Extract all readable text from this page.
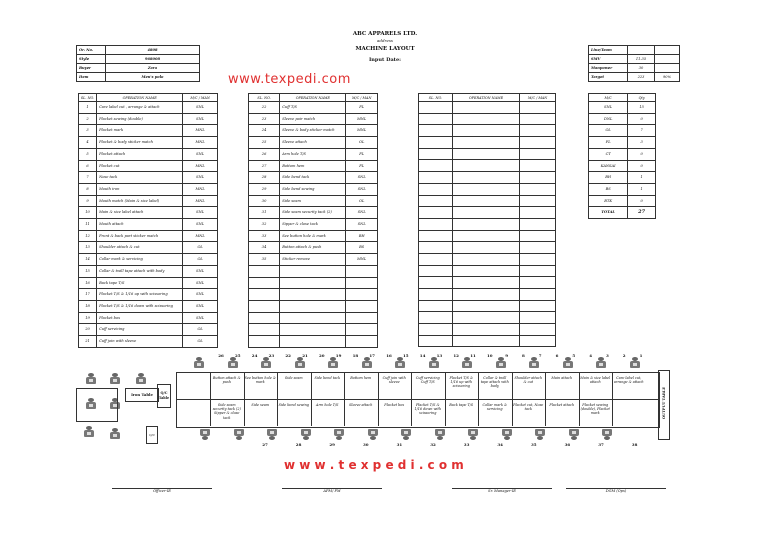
ABC APPARELS LTD.
address
MACHINE LAYOUT
Input Date:
www.texpedi.com
Or. No.	4808
Style	968008
Buyer	Zara
Item	Men's polo
Line/Team		
SMV	11.35	
Manpower	30	
Target	223	90%
SL. NO.	OPERATION NAME	M/C / MAN
1	Care label cut , arrange & attach	SNL
2	Placket sewing (double)	SNL
3	Placket mark	MNL
4	Placket & body sticker match	MNL
5	Placket attach	SNL
6	Placket cut	MNL
7	Nose tack	SNL
8	Mouth iron	MNL
9	Mouth match (Main & size label)	MNL
10	Main & size label attach	SNL
11	Mouth attach	SNL
12	Front & back part sticker match	MNL
13	Shoulder attach & cut	OL
14	Collar mark & servicing	OL
15	Collar & twill tape attach with body	SNL
16	Back tape T/S	SNL
17	Placket T/S & 1/16 up with scissoring	SNL
18	Placket T/S & 1/16 down with scissoring	SNL
19	Placket box	SNL
20	Cuff servicing	OL
21	Cuff join with sleeve	OL
SL. NO.	OPERATION NAME	M/C / MAN
22	Cuff T/S	FL
23	Sleeve pair match	MNL
24	Sleeve & body sticker match	MNL
25	Sleeve attach	OL
26	Arm hole T/S	FL
27	Bottom hem	FL
28	Side bend tack	SNL
29	Side bend sewing	SNL
30	Side seam	OL
31	Side seam security tack (2)	SNL
32	Sipper & close tack	SNL
33	See button hole & mark	BH
34	Button attach & push	BS
35	Sticker remove	MNL

SL. NO.	OPERATION NAME	M/C / MAN

			M/C	Qty
SNL	15
DNL	0
OL	7
FL	3
CT	0
KANSAI	0
BH	1
BS	1
BTK	0
TOTAL	27
Button attach & push
See button hole & mark
Side seam	Side bend tack	Bottom hem	Cuff join with sleeve
Cuff servicing Cuff T/S
Placket T/S & 1/16 up with scissoring
Collar & twill tape attach with body
Shoulder attach & cut
Main attach	Main & size label attach
Care label cut, arrange & attach
Side seam security tack (2) Sipper & close tack
Side seam	Side bend sewing	Arm hole T/S	Sleeve attach	Placket box	Placket T/S & 1/16 down with scissoring
Back tape T/S	Collar mark & servicing
Placket cut, Nose tack
Placket attach	Placket sewing (double), Placket mark
26	25	24	23	22	21	20	19	18	17	16	15	14	13	12	11	10	9	8	7	6	5	4	3	2	1
27	28	29	30	31	32	33	34	35	36	37	38
Iron Table	Q/C Table
Q/C
OUTPUT TABLE
w w w . t e x p e d i . c o m
Officer-IE	APM/ PM	Sr. Manager-IE	DGM (Ops)
